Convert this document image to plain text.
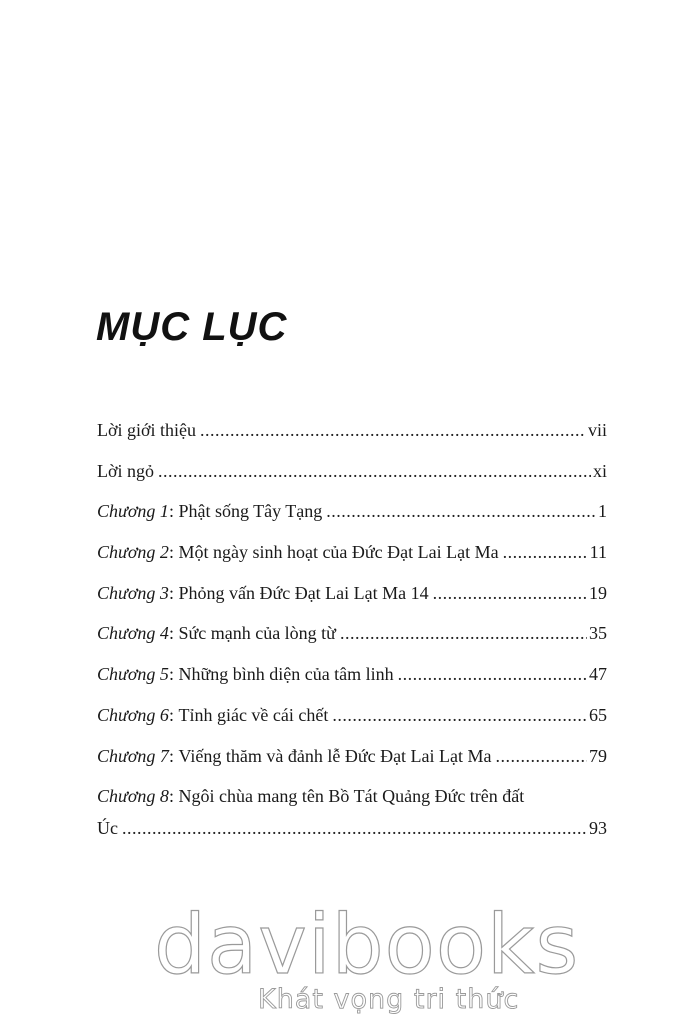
MỤC LỤC
Lời giới thiệu .....	vii
Lời ngỏ .....	xi
Chương 1 : Phật sống Tây Tạng .....	1
Chương 2 : Một ngày sinh hoạt của Đức Đạt Lai Lạt Ma .....	11
Chương 3 : Phỏng vấn Đức Đạt Lai Lạt Ma 14 .....	19
Chương 4 : Sức mạnh của lòng từ .....	35
Chương 5 : Những bình diện của tâm linh .....	47
Chương 6 : Tỉnh giác về cái chết .....	65
Chương 7 : Viếng thăm và đảnh lễ Đức Đạt Lai Lạt Ma .....	79
Chương 8: Ngôi chùa mang tên Bồ Tát Quảng Đức trên đất
Úc .....	93
davibooks
Khát vọng tri thức
